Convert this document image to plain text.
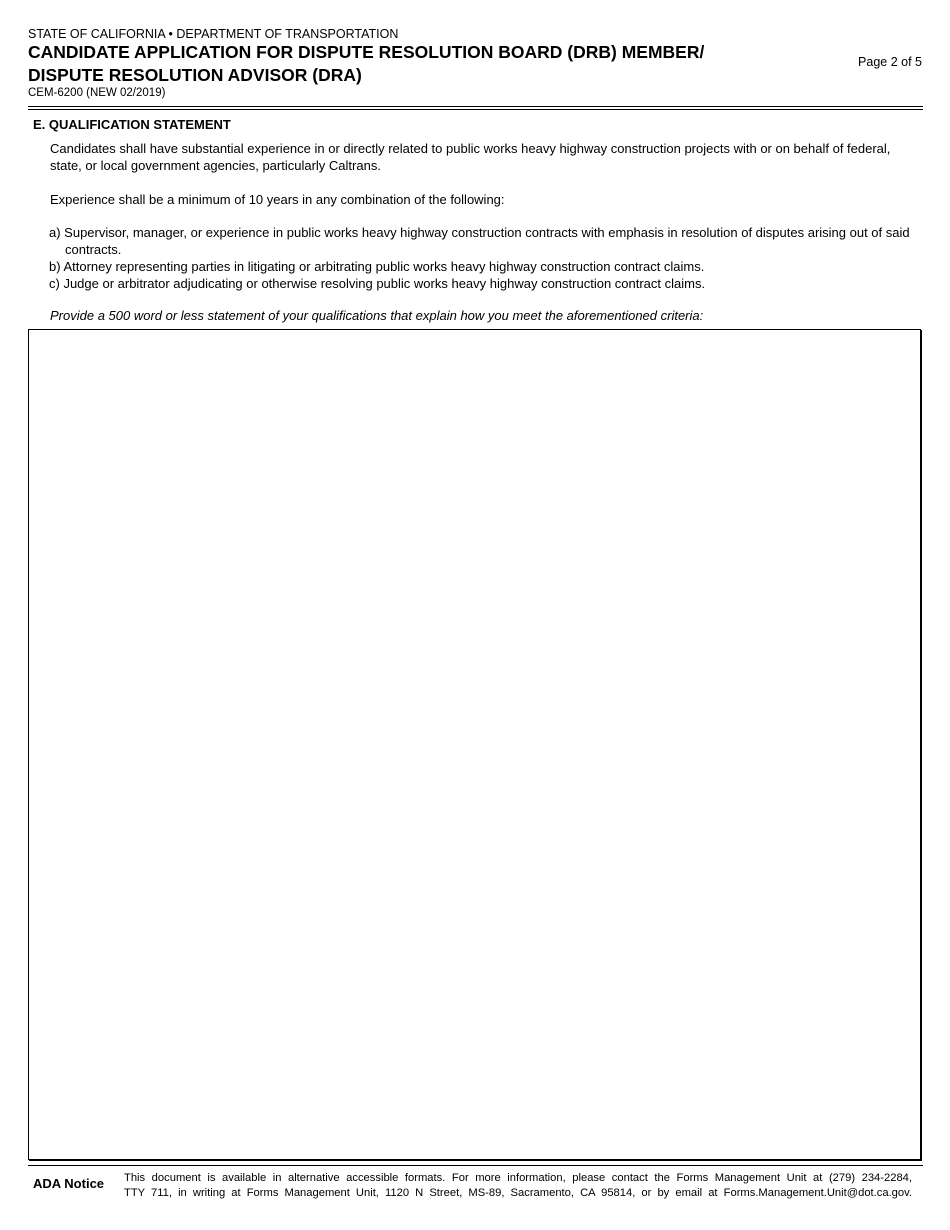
STATE OF CALIFORNIA • DEPARTMENT OF TRANSPORTATION
CANDIDATE APPLICATION FOR DISPUTE RESOLUTION BOARD (DRB) MEMBER/
DISPUTE RESOLUTION ADVISOR (DRA)
Page 2 of 5
CEM-6200 (NEW 02/2019)
E. QUALIFICATION STATEMENT

Candidates shall have substantial experience in or directly related to public works heavy highway construction projects with or on behalf of federal, state, or local government agencies, particularly Caltrans.

Experience shall be a minimum of 10 years in any combination of the following:

a) Supervisor, manager, or experience in public works heavy highway construction contracts with emphasis in resolution of disputes arising out of said contracts.
b) Attorney representing parties in litigating or arbitrating public works heavy highway construction contract claims.
c) Judge or arbitrator adjudicating or otherwise resolving public works heavy highway construction contract claims.

Provide a 500 word or less statement of your qualifications that explain how you meet the aforementioned criteria:

ADA Notice This document is available in alternative accessible formats. For more information, please contact the Forms Management Unit at (279) 234-2284,
TTY 711, in writing at Forms Management Unit, 1120 N Street, MS-89, Sacramento, CA 95814, or by email at Forms.Management.Unit@dot.ca.gov.
